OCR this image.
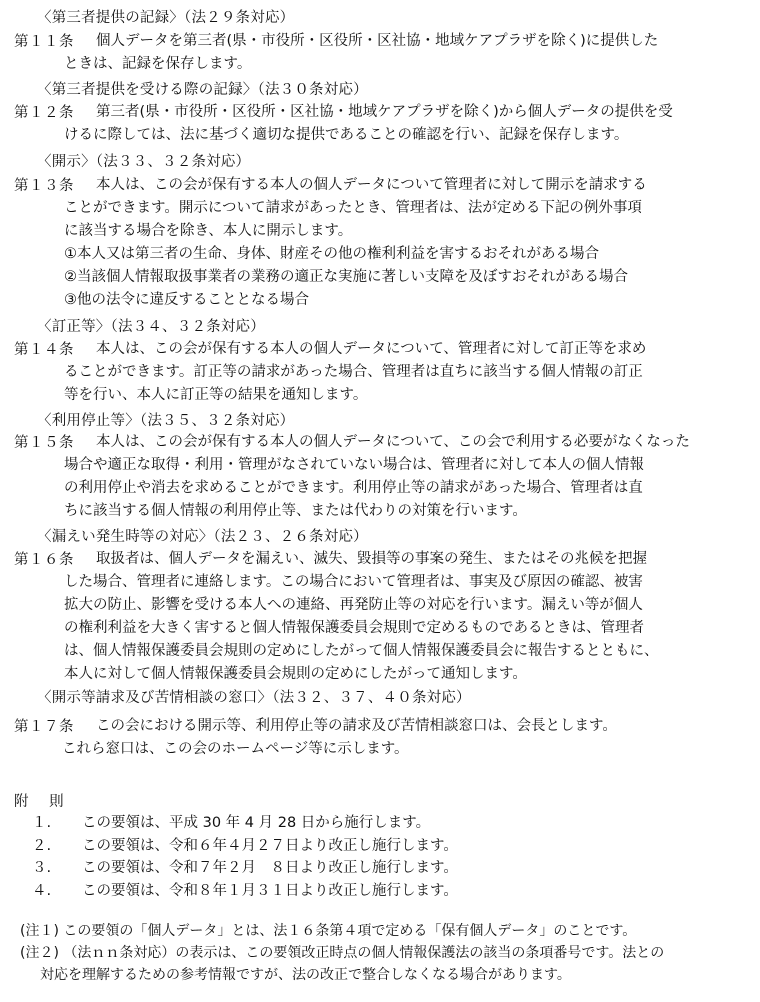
〈第三者提供の記録〉（法２９条対応）
第１１条	個人データを第三者(県・市役所・区役所・区社協・地域ケアプラザを除く)に提供した
ときは、記録を保存します。
〈第三者提供を受ける際の記録〉（法３０条対応）
第１２条	第三者(県・市役所・区役所・区社協・地域ケアプラザを除く)から個人データの提供を受
けるに際しては、法に基づく適切な提供であることの確認を行い、記録を保存します。
〈開示〉（法３３、３２条対応）
第１３条	本人は、この会が保有する本人の個人データについて管理者に対して開示を請求する
ことができます。開示について請求があったとき、管理者は、法が定める下記の例外事項
に該当する場合を除き、本人に開示します。
①本人又は第三者の生命、身体、財産その他の権利利益を害するおそれがある場合
②当該個人情報取扱事業者の業務の適正な実施に著しい支障を及ぼすおそれがある場合
③他の法令に違反することとなる場合
〈訂正等〉（法３４、３２条対応）
第１４条	本人は、この会が保有する本人の個人データについて、管理者に対して訂正等を求め
ることができます。訂正等の請求があった場合、管理者は直ちに該当する個人情報の訂正
等を行い、本人に訂正等の結果を通知します。
〈利用停止等〉（法３５、３２条対応）
第１５条	本人は、この会が保有する本人の個人データについて、この会で利用する必要がなくなった
場合や適正な取得・利用・管理がなされていない場合は、管理者に対して本人の個人情報
の利用停止や消去を求めることができます。利用停止等の請求があった場合、管理者は直
ちに該当する個人情報の利用停止等、または代わりの対策を行います。
〈漏えい発生時等の対応〉（法２３、２６条対応）
第１６条	取扱者は、個人データを漏えい、滅失、毀損等の事案の発生、またはその兆候を把握
した場合、管理者に連絡します。この場合において管理者は、事実及び原因の確認、被害
拡大の防止、影響を受ける本人への連絡、再発防止等の対応を行います。漏えい等が個人
の権利利益を大きく害すると個人情報保護委員会規則で定めるものであるときは、管理者
は、個人情報保護委員会規則の定めにしたがって個人情報保護委員会に報告するとともに、
本人に対して個人情報保護委員会規則の定めにしたがって通知します。
〈開示等請求及び苦情相談の窓口〉（法３２、３７、４０条対応）
第１７条	この会における開示等、利用停止等の請求及び苦情相談窓口は、会長とします。
これら窓口は、この会のホームページ等に示します。
附 則
１. この要領は、平成 30 年 4 月 28 日から施行します。
２. この要領は、令和６年４月２７日より改正し施行します。
３. この要領は、令和７年２月　８日より改正し施行します。
４. この要領は、令和８年１月３１日より改正し施行します。
(注１) この要領の「個人データ」とは、法１６条第４項で定める「保有個人データ」のことです。
(注２) （法ｎｎ条対応）の表示は、この要領改正時点の個人情報保護法の該当の条項番号です。法との
対応を理解するための参考情報ですが、法の改正で整合しなくなる場合があります。
